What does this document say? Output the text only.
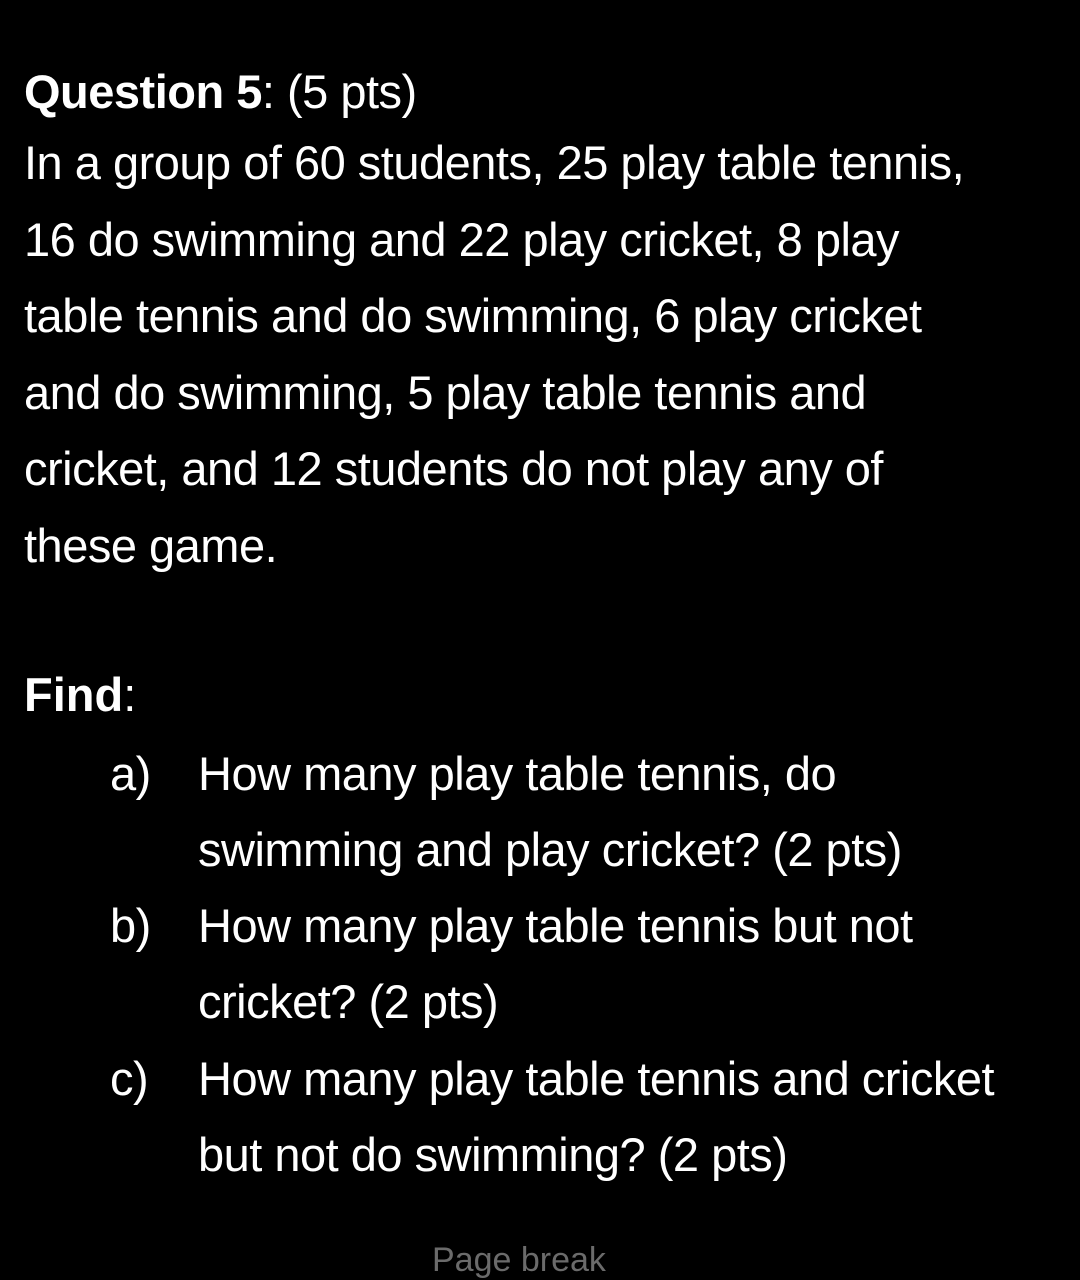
Question 5: (5 pts)
In a group of 60 students, 25 play table tennis,
16 do swimming and 22 play cricket, 8 play
table tennis and do swimming, 6 play cricket
and do swimming, 5 play table tennis and
cricket, and 12 students do not play any of
these game.
Find:
a) How many play table tennis, do
swimming and play cricket? (2 pts)
b) How many play table tennis but not
cricket? (2 pts)
c) How many play table tennis and cricket
but not do swimming? (2 pts)
Page break
